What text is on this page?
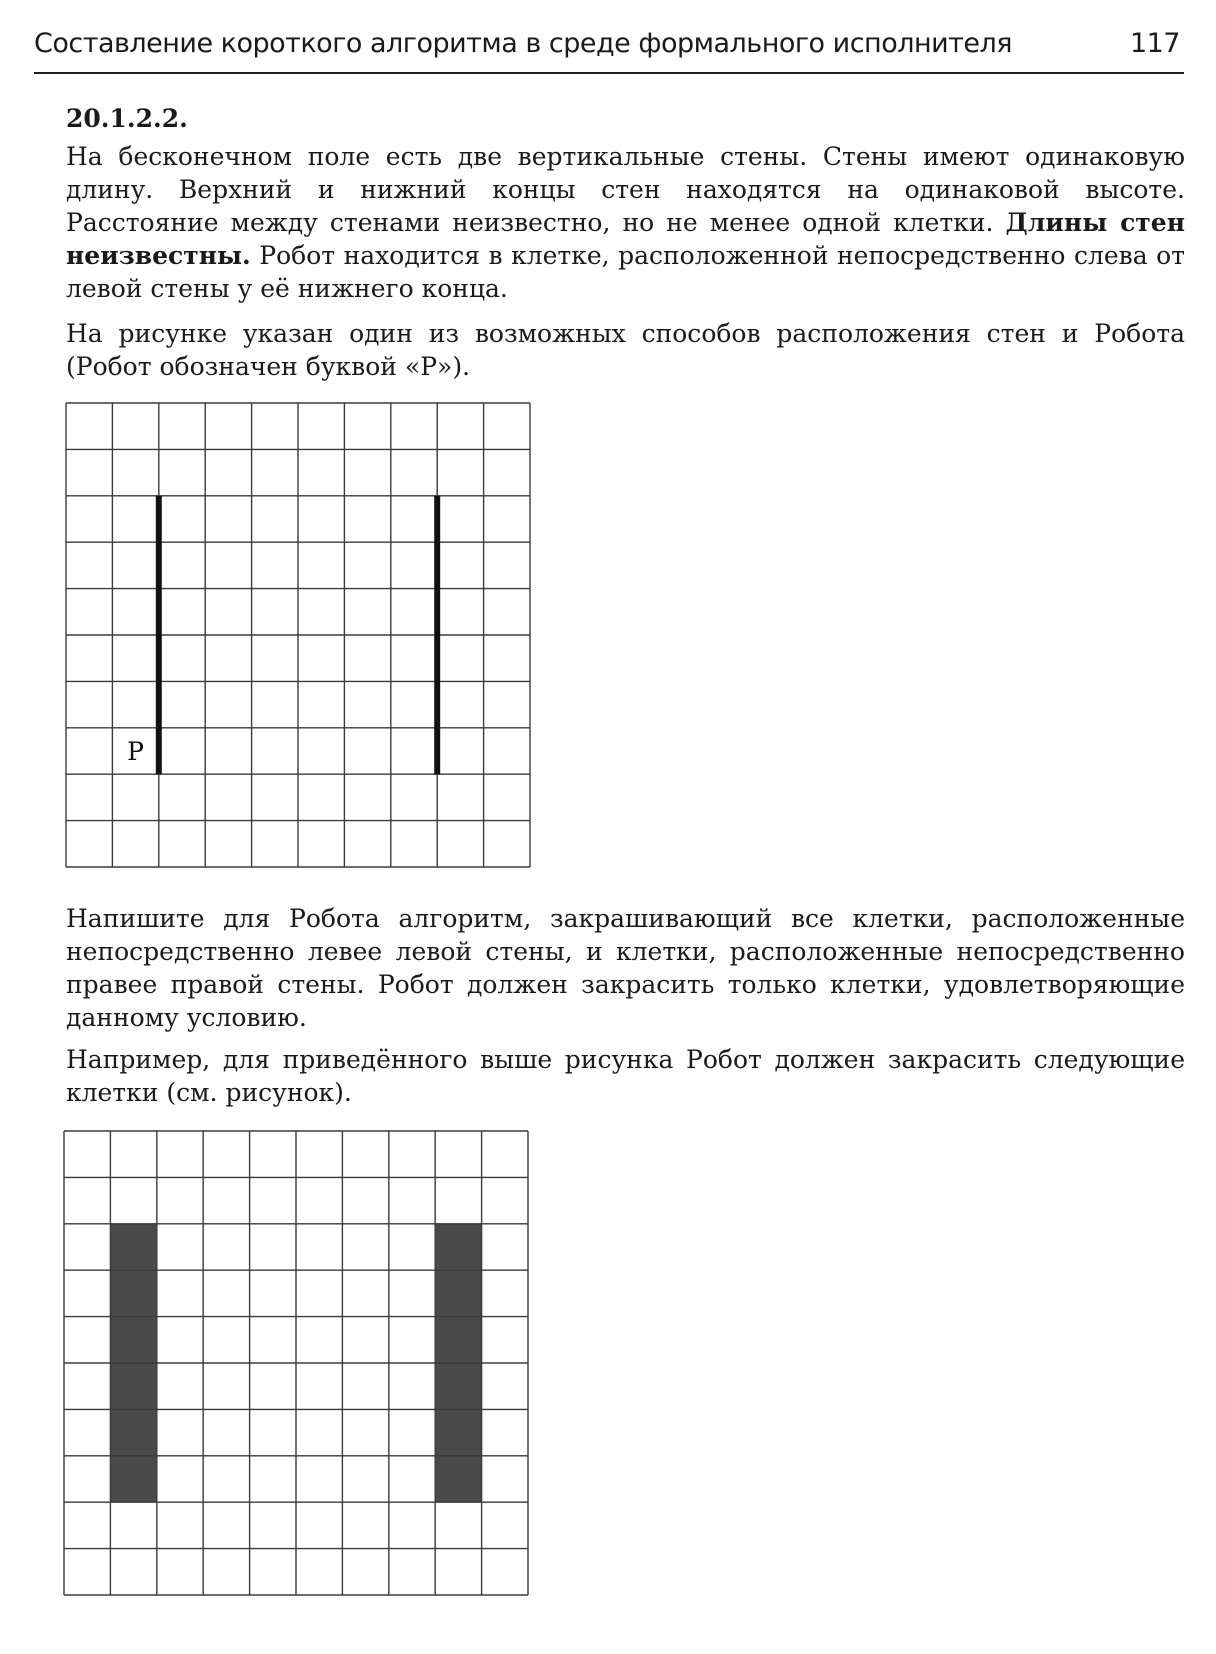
Составление короткого алгоритма в среде формального исполнителя	117
20.1.2.2.
На бесконечном поле есть две вертикальные стены. Стены имеют одинаковую длину. Верхний и нижний концы стен находятся на одинаковой высоте. Расстояние между стенами неизвестно, но не менее одной клетки. Длины стен неизвестны. Робот находится в клетке, расположенной непосредственно слева от левой стены у её нижнего конца.
На рисунке указан один из возможных способов расположения стен и Робота (Робот обозначен буквой «Р»).
Р
Напишите для Робота алгоритм, закрашивающий все клетки, расположенные непосредственно левее левой стены, и клетки, расположенные непосредственно правее правой стены. Робот должен закрасить только клетки, удовлетворяющие данному условию.
Например, для приведённого выше рисунка Робот должен закрасить следующие клетки (см. рисунок).
